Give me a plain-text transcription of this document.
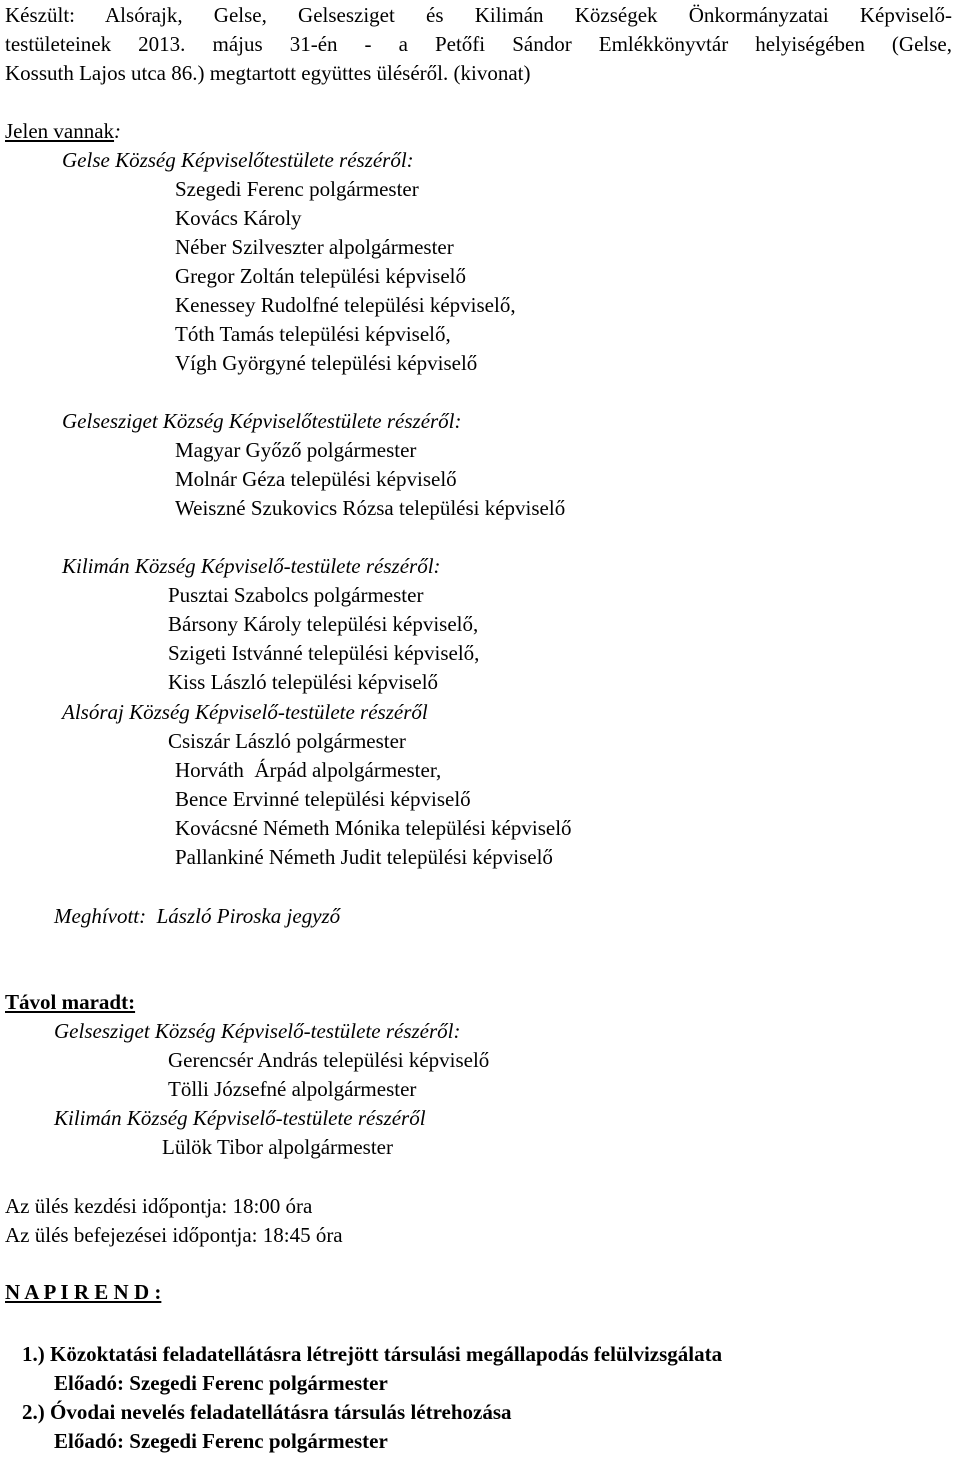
Készült: Alsórajk, Gelse, Gelsesziget és Kilimán Községek Önkormányzatai Képviselő-
testületeinek 2013. május 31-én - a Petőfi Sándor Emlékkönyvtár helyiségében (Gelse,
Kossuth Lajos utca 86.) megtartott együttes üléséről. (kivonat)
Jelen vannak:
Gelse Község Képviselőtestülete részéről:
Szegedi Ferenc polgármester
Kovács Károly
Néber Szilveszter alpolgármester
Gregor Zoltán települési képviselő
Kenessey Rudolfné települési képviselő,
Tóth Tamás települési képviselő,
Vígh Györgyné települési képviselő
Gelsesziget Község Képviselőtestülete részéről:
Magyar Győző polgármester
Molnár Géza települési képviselő
Weiszné Szukovics Rózsa települési képviselő
Kilimán Község Képviselő-testülete részéről:
Pusztai Szabolcs polgármester
Bársony Károly települési képviselő,
Szigeti Istvánné települési képviselő,
Kiss László települési képviselő
Alsóraj Község Képviselő-testülete részéről
Csiszár László polgármester
Horváth  Árpád alpolgármester,
Bence Ervinné települési képviselő
Kovácsné Németh Mónika települési képviselő
Pallankiné Németh Judit települési képviselő
Meghívott:  László Piroska jegyző
Távol maradt:
Gelsesziget Község Képviselő-testülete részéről:
Gerencsér András települési képviselő
Tölli Józsefné alpolgármester
Kilimán Község Képviselő-testülete részéről
Lülök Tibor alpolgármester
Az ülés kezdési időpontja: 18:00 óra
Az ülés befejezései időpontja: 18:45 óra
N A P I R E N D :
1.) Közoktatási feladatellátásra létrejött társulási megállapodás felülvizsgálata
Előadó: Szegedi Ferenc polgármester
2.) Óvodai nevelés feladatellátásra társulás létrehozása
Előadó: Szegedi Ferenc polgármester
